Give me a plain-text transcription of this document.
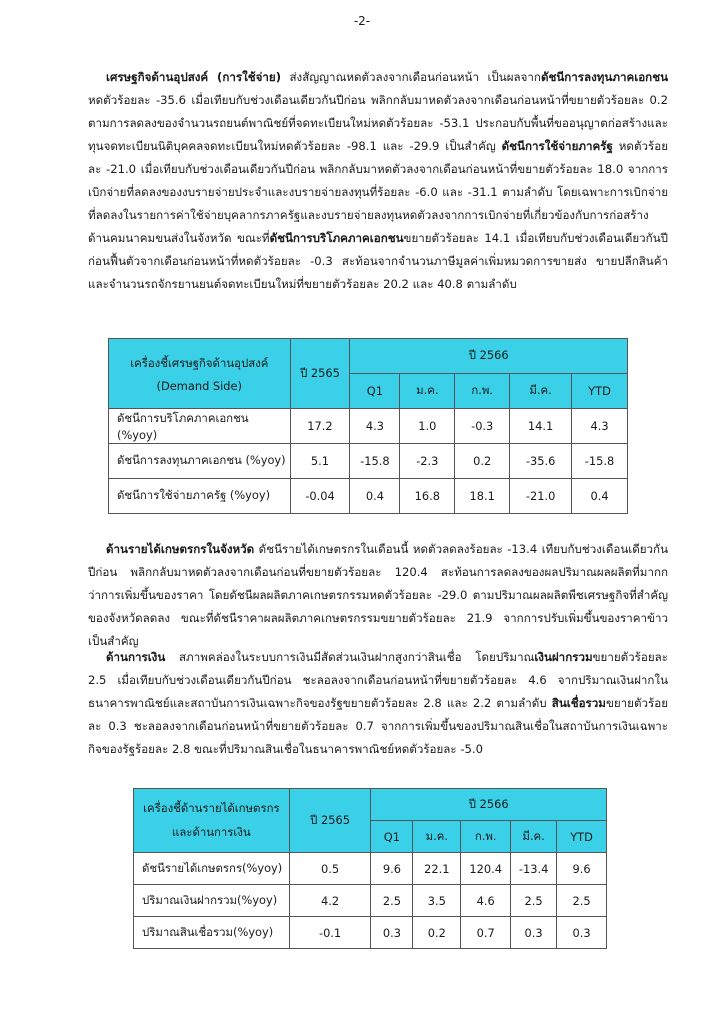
-2-

เศรษฐกิจด้านอุปสงค์ (การใช้จ่าย) ส่งสัญญาณหดตัวลงจากเดือนก่อนหน้า เป็นผลจากดัชนีการลงทุนภาคเอกชน หดตัวร้อยละ -35.6 เมื่อเทียบกับช่วงเดือนเดียวกันปีก่อน พลิกกลับมาหดตัวลงจากเดือนก่อนหน้าที่ขยายตัวร้อยละ 0.2 ตามการลดลงของจำนวนรถยนต์พาณิชย์ที่จดทะเบียนใหม่หดตัวร้อยละ -53.1 ประกอบกับพื้นที่ขออนุญาตก่อสร้างและทุนจดทะเบียนนิติบุคคลจดทะเบียนใหม่หดตัวร้อยละ -98.1 และ -29.9 เป็นสำคัญ ดัชนีการใช้จ่ายภาครัฐ หดตัวร้อยละ -21.0 เมื่อเทียบกับช่วงเดือนเดียวกันปีก่อน พลิกกลับมาหดตัวลงจากเดือนก่อนหน้าที่ขยายตัวร้อยละ 18.0 จากการเบิกจ่ายที่ลดลงของงบรายจ่ายประจำและงบรายจ่ายลงทุนที่ร้อยละ -6.0 และ -31.1 ตามลำดับ โดยเฉพาะการเบิกจ่ายที่ลดลงในรายการค่าใช้จ่ายบุคลากรภาครัฐและงบรายจ่ายลงทุนหดตัวลงจากการเบิกจ่ายที่เกี่ยวข้องกับการก่อสร้างด้านคมนาคมขนส่งในจังหวัด ขณะที่ดัชนีการบริโภคภาคเอกชนขยายตัวร้อยละ 14.1 เมื่อเทียบกับช่วงเดือนเดียวกันปีก่อนฟื้นตัวจากเดือนก่อนหน้าที่หดตัวร้อยละ -0.3 สะท้อนจากจำนวนภาษีมูลค่าเพิ่มหมวดการขายส่ง ขายปลีกสินค้าและจำนวนรถจักรยานยนต์จดทะเบียนใหม่ที่ขยายตัวร้อยละ 20.2 และ 40.8 ตามลำดับ

เครื่องชี้เศรษฐกิจด้านอุปสงค์
(Demand Side)	ปี 2565	ปี 2566				
		Q1	ม.ค.	ก.พ.	มี.ค.	YTD
ดัชนีการบริโภคภาคเอกชน (%yoy)	17.2	4.3	1.0	-0.3	14.1	4.3
ดัชนีการลงทุนภาคเอกชน (%yoy)	5.1	-15.8	-2.3	0.2	-35.6	-15.8
ดัชนีการใช้จ่ายภาครัฐ (%yoy)	-0.04	0.4	16.8	18.1	-21.0	0.4

ด้านรายได้เกษตรกรในจังหวัด ดัชนีรายได้เกษตรกรในเดือนนี้ หดตัวลดลงร้อยละ -13.4 เทียบกับช่วงเดือนเดียวกันปีก่อน พลิกกลับมาหดตัวลงจากเดือนก่อนที่ขยายตัวร้อยละ 120.4 สะท้อนการลดลงของผลปริมาณผลผลิตที่มากกว่าการเพิ่มขึ้นของราคา โดยดัชนีผลผลิตภาคเกษตรกรรมหดตัวร้อยละ -29.0 ตามปริมาณผลผลิตพืชเศรษฐกิจที่สำคัญของจังหวัดลดลง ขณะที่ดัชนีราคาผลผลิตภาคเกษตรกรรมขยายตัวร้อยละ 21.9 จากการปรับเพิ่มขึ้นของราคาข้าว เป็นสำคัญ

ด้านการเงิน สภาพคล่องในระบบการเงินมีสัดส่วนเงินฝากสูงกว่าสินเชื่อ โดยปริมาณเงินฝากรวมขยายตัวร้อยละ 2.5 เมื่อเทียบกับช่วงเดือนเดียวกันปีก่อน ชะลอลงจากเดือนก่อนหน้าที่ขยายตัวร้อยละ 4.6 จากปริมาณเงินฝากในธนาคารพาณิชย์และสถาบันการเงินเฉพาะกิจของรัฐขยายตัวร้อยละ 2.8 และ 2.2 ตามลำดับ สินเชื่อรวมขยายตัวร้อยละ 0.3 ชะลอลงจากเดือนก่อนหน้าที่ขยายตัวร้อยละ 0.7 จากการเพิ่มขึ้นของปริมาณสินเชื่อในสถาบันการเงินเฉพาะกิจของรัฐร้อยละ 2.8 ขณะที่ปริมาณสินเชื่อในธนาคารพาณิชย์หดตัวร้อยละ -5.0

เครื่องชี้ด้านรายได้เกษตรกร
และด้านการเงิน	ปี 2565	ปี 2566				
		Q1	ม.ค.	ก.พ.	มี.ค.	YTD
ดัชนีรายได้เกษตรกร(%yoy)	0.5	9.6	22.1	120.4	-13.4	9.6
ปริมาณเงินฝากรวม(%yoy)	4.2	2.5	3.5	4.6	2.5	2.5
ปริมาณสินเชื่อรวม(%yoy)	-0.1	0.3	0.2	0.7	0.3	0.3
